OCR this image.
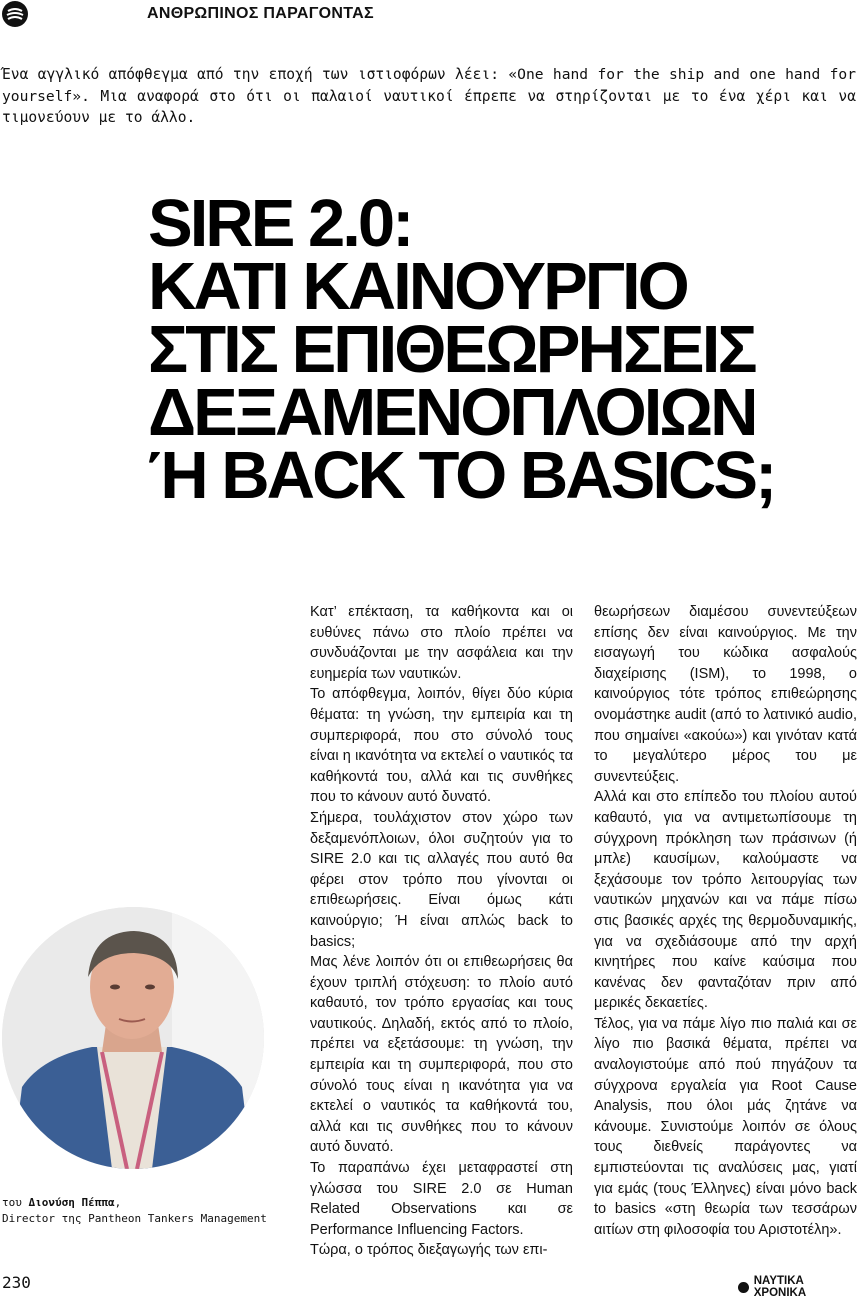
ΑΝΘΡΩΠΙΝΟΣ ΠΑΡΑΓΟΝΤΑΣ
Ένα αγγλικό απόφθεγμα από την εποχή των ιστιοφόρων λέει: «One hand for the ship and one hand for yourself». Μια αναφορά στο ότι οι παλαιοί ναυτικοί έπρεπε να στηρίζονται με το ένα χέρι και να τιμονεύουν με το άλλο.
SIRE 2.0:
ΚΑΤΙ ΚΑΙΝΟΥΡΓΙΟ
ΣΤΙΣ ΕΠΙΘΕΩΡΗΣΕΙΣ
ΔΕΞΑΜΕΝΟΠΛΟΙΩΝ
Ή BACK TO BASICS;

Κατ’ επέκταση, τα καθήκοντα και οι ευθύνες πάνω στο πλοίο πρέπει να συνδυάζονται με την ασφάλεια και την ευημερία των ναυτικών.

Το απόφθεγμα, λοιπόν, θίγει δύο κύρια θέματα: τη γνώση, την εμπειρία και τη συμπεριφορά, που στο σύνολό τους είναι η ικανότητα να εκτελεί ο ναυτικός τα καθήκοντά του, αλλά και τις συνθήκες που το κάνουν αυτό δυνατό.

Σήμερα, τουλάχιστον στον χώρο των δεξαμενόπλοιων, όλοι συζητούν για το SIRE 2.0 και τις αλλαγές που αυτό θα φέρει στον τρόπο που γίνονται οι επιθεωρήσεις. Είναι όμως κάτι καινούργιο; Ή είναι απλώς back to basics;

Μας λένε λοιπόν ότι οι επιθεωρήσεις θα έχουν τριπλή στόχευση: το πλοίο αυτό καθαυτό, τον τρόπο εργασίας και τους ναυτικούς. Δηλαδή, εκτός από το πλοίο, πρέπει να εξετάσουμε: τη γνώση, την εμπειρία και τη συμπεριφορά, που στο σύνολό τους είναι η ικανότητα για να εκτελεί ο ναυτικός τα καθήκοντά του, αλλά και τις συνθήκες που το κάνουν αυτό δυνατό.

Το παραπάνω έχει μεταφραστεί στη γλώσσα του SIRE 2.0 σε Human Related Observations και σε Performance Influencing Factors.

Τώρα, ο τρόπος διεξαγωγής των επι-

θεωρήσεων διαμέσου συνεντεύξεων επίσης δεν είναι καινούργιος. Με την εισαγωγή του κώδικα ασφαλούς διαχείρισης (ISM), το 1998, ο καινούργιος τότε τρόπος επιθεώρησης ονομάστηκε audit (από το λατινικό audio, που σημαίνει «ακούω») και γινόταν κατά το μεγαλύτερο μέρος του με συνεντεύξεις.

Αλλά και στο επίπεδο του πλοίου αυτού καθαυτό, για να αντιμετωπίσουμε τη σύγχρονη πρόκληση των πράσινων (ή μπλε) καυσίμων, καλούμαστε να ξεχάσουμε τον τρόπο λειτουργίας των ναυτικών μηχανών και να πάμε πίσω στις βασικές αρχές της θερμοδυναμικής, για να σχεδιάσουμε από την αρχή κινητήρες που καίνε καύσιμα που κανένας δεν φανταζόταν πριν από μερικές δεκαετίες.

Τέλος, για να πάμε λίγο πιο παλιά και σε λίγο πιο βασικά θέματα, πρέπει να αναλογιστούμε από πού πηγάζουν τα σύγχρονα εργαλεία για Root Cause Analysis, που όλοι μάς ζητάνε να κάνουμε. Συνιστούμε λοιπόν σε όλους τους διεθνείς παράγοντες να εμπιστεύονται τις αναλύσεις μας, γιατί για εμάς (τους Έλληνες) είναι μόνο back to basics «στη θεωρία των τεσσάρων αιτίων στη φιλοσοφία του Αριστοτέλη».

του Διονύση Πέππα,
Director της Pantheon Tankers Management
230	ΝΑΥΤΙΚΑ ΧΡΟΝΙΚΑ
